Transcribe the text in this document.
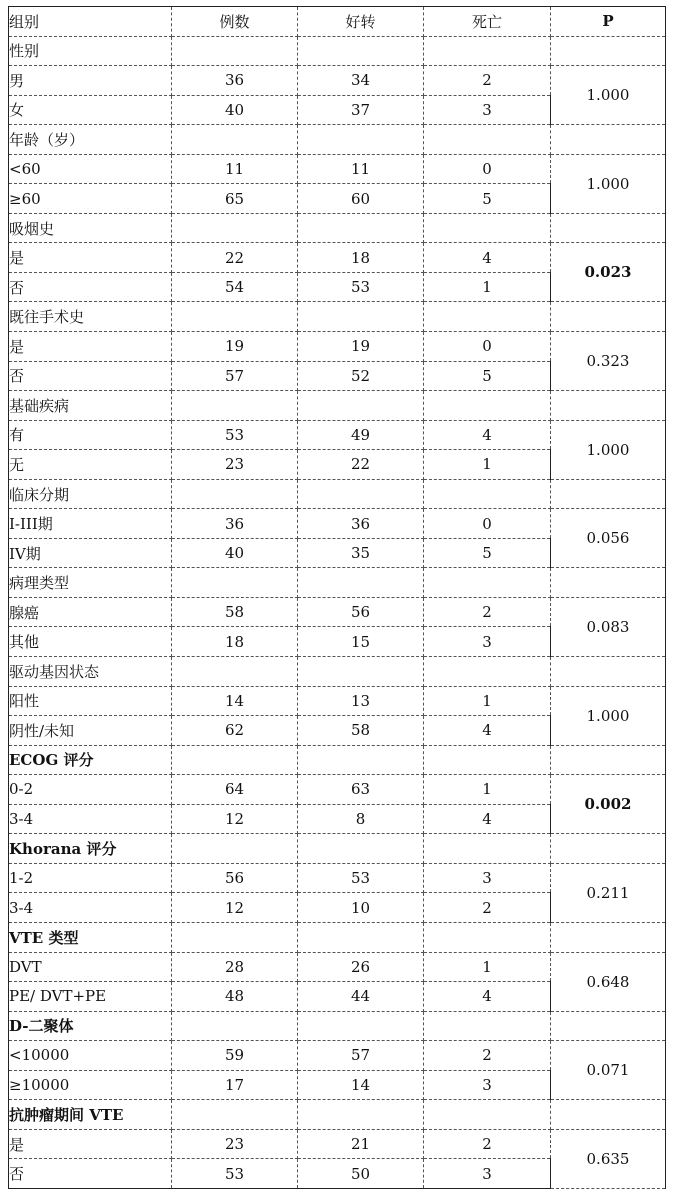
组别	例数	好转	死亡	P
性别				
男	36	34	2	1.000
女	40	37	3	
年龄（岁）				
<60	11	11	0	1.000
≥60	65	60	5	
吸烟史				
是	22	18	4	0.023
否	54	53	1	
既往手术史				
是	19	19	0	0.323
否	57	52	5	
基础疾病				
有	53	49	4	1.000
无	23	22	1	
临床分期				
I-III期	36	36	0	0.056
IV期	40	35	5	
病理类型				
腺癌	58	56	2	0.083
其他	18	15	3	
驱动基因状态				
阳性	14	13	1	1.000
阴性/未知	62	58	4	
ECOG 评分				
0-2	64	63	1	0.002
3-4	12	8	4	
Khorana 评分				
1-2	56	53	3	0.211
3-4	12	10	2	
VTE 类型				
DVT	28	26	1	0.648
PE/ DVT+PE	48	44	4	
D-二聚体				
<10000	59	57	2	0.071
≥10000	17	14	3	
抗肿瘤期间 VTE				
是	23	21	2	0.635
否	53	50	3	
